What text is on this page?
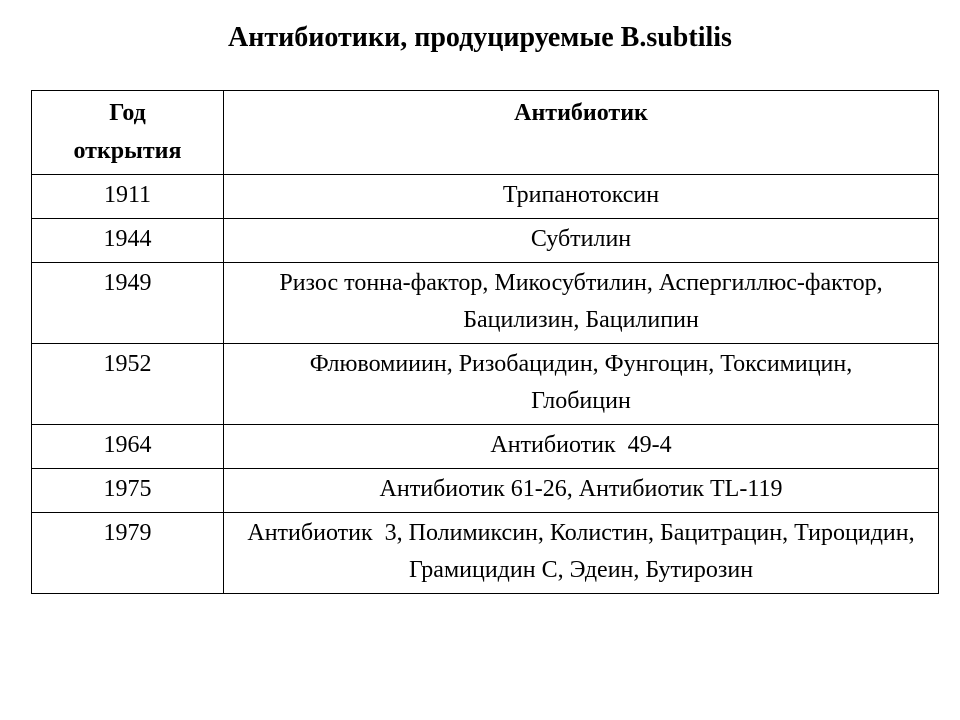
Антибиотики, продуцируемые B.subtilis
Год открытия	Антибиотик
1911	Трипанотоксин
1944	Субтилин
1949	Ризос тонна-фактор, Микосубтилин, Аспергиллюс-фактор, Бацилизин, Бацилипин
1952	Флювомииин, Ризобацидин, Фунгоцин, Токсимицин, Глобицин
1964	Антибиотик  49-4
1975	Антибиотик 61-26, Антибиотик TL-119
1979	Антибиотик  3, Полимиксин, Колистин, Бацитрацин, Тироцидин, Грамицидин С, Эдеин, Бутирозин
